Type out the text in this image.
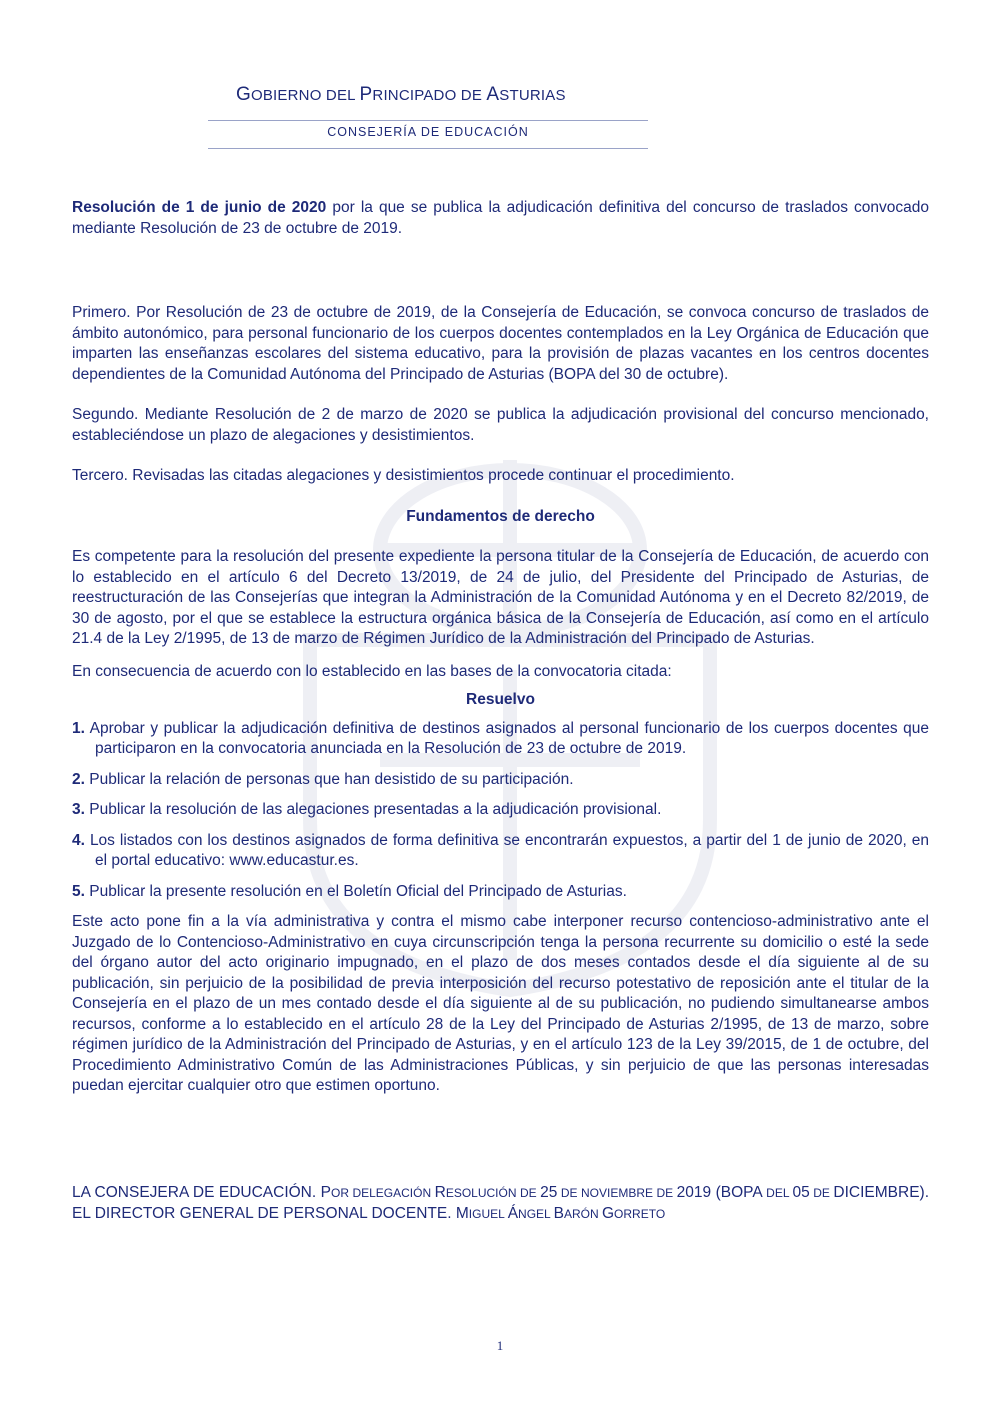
GOBIERNO DEL PRINCIPADO DE ASTURIAS
CONSEJERÍA DE EDUCACIÓN

Resolución de 1 de junio de 2020 por la que se publica la adjudicación definitiva del concurso de traslados convocado mediante Resolución de 23 de octubre de 2019.

Primero. Por Resolución de 23 de octubre de 2019, de la Consejería de Educación, se convoca concurso de traslados de ámbito autonómico, para personal funcionario de los cuerpos docentes contemplados en la Ley Orgánica de Educación que imparten las enseñanzas escolares del sistema educativo, para la provisión de plazas vacantes en los centros docentes dependientes de la Comunidad Autónoma del Principado de Asturias (BOPA del 30 de octubre).

Segundo. Mediante Resolución de 2 de marzo de 2020 se publica la adjudicación provisional del concurso mencionado, estableciéndose un plazo de alegaciones y desistimientos.

Tercero. Revisadas las citadas alegaciones y desistimientos procede continuar el procedimiento.

Fundamentos de derecho

Es competente para la resolución del presente expediente la persona titular de la Consejería de Educación, de acuerdo con lo establecido en el artículo 6 del Decreto 13/2019, de 24 de julio, del Presidente del Principado de Asturias, de reestructuración de las Consejerías que integran la Administración de la Comunidad Autónoma y en el Decreto 82/2019, de 30 de agosto, por el que se establece la estructura orgánica básica de la Consejería de Educación, así como en el artículo 21.4 de la Ley 2/1995, de 13 de marzo de Régimen Jurídico de la Administración del Principado de Asturias.

En consecuencia de acuerdo con lo establecido en las bases de la convocatoria citada:

Resuelvo

1. Aprobar y publicar la adjudicación definitiva de destinos asignados al personal funcionario de los cuerpos docentes que participaron en la convocatoria anunciada en la Resolución de 23 de octubre de 2019.

2. Publicar la relación de personas que han desistido de su participación.

3. Publicar la resolución de las alegaciones presentadas a la adjudicación provisional.

4. Los listados con los destinos asignados de forma definitiva se encontrarán expuestos, a partir del 1 de junio de 2020, en el portal educativo: www.educastur.es.

5. Publicar la presente resolución en el Boletín Oficial del Principado de Asturias.

Este acto pone fin a la vía administrativa y contra el mismo cabe interponer recurso contencioso-administrativo ante el Juzgado de lo Contencioso-Administrativo en cuya circunscripción tenga la persona recurrente su domicilio o esté la sede del órgano autor del acto originario impugnado, en el plazo de dos meses contados desde el día siguiente al de su publicación, sin perjuicio de la posibilidad de previa interposición del recurso potestativo de reposición ante el titular de la Consejería en el plazo de un mes contado desde el día siguiente al de su publicación, no pudiendo simultanearse ambos recursos, conforme a lo establecido en el artículo 28 de la Ley del Principado de Asturias 2/1995, de 13 de marzo, sobre régimen jurídico de la Administración del Principado de Asturias, y en el artículo 123 de la Ley 39/2015, de 1 de octubre, del Procedimiento Administrativo Común de las Administraciones Públicas, y sin perjuicio de que las personas interesadas puedan ejercitar cualquier otro que estimen oportuno.

LA CONSEJERA DE EDUCACIÓN. POR DELEGACIÓN RESOLUCIÓN DE 25 DE NOVIEMBRE DE 2019 (BOPA DEL 05 DE DICIEMBRE). EL DIRECTOR GENERAL DE PERSONAL DOCENTE. MIGUEL ÁNGEL BARÓN GORRETO
1
